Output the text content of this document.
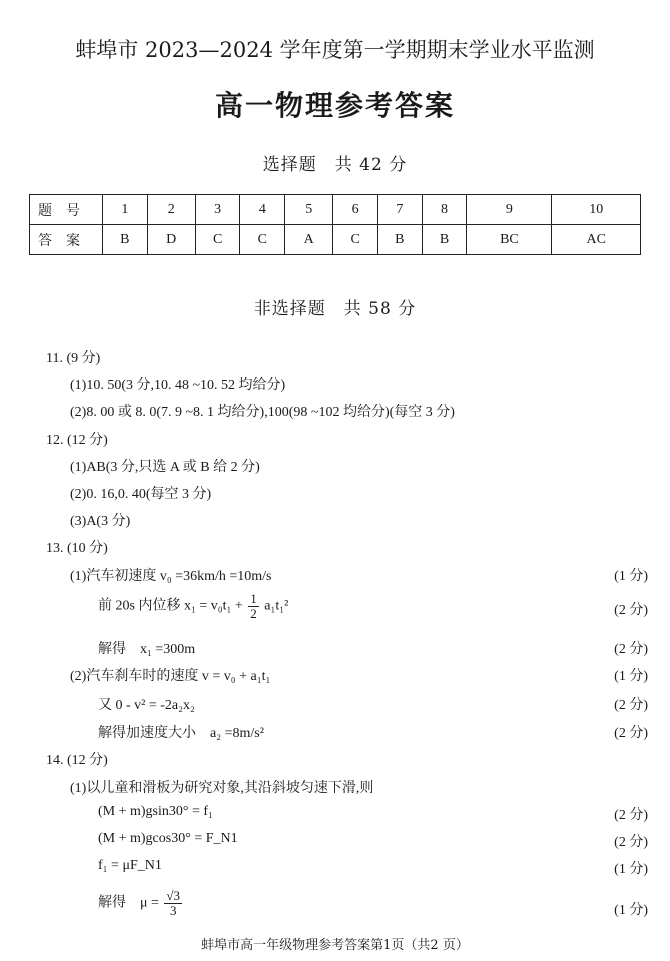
蚌埠市 2023—2024 学年度第一学期期末学业水平监测
高一物理参考答案
选择题　共 42 分
题号	1	2	3	4	5	6	7	8	9	10
答案	B	D	C	C	A	C	B	B	BC	AC
非选择题　共 58 分
11. (9 分)
(1)10. 50(3 分,10. 48 ~10. 52 均给分)
(2)8. 00 或 8. 0(7. 9 ~8. 1 均给分),100(98 ~102 均给分)(每空 3 分)
12. (12 分)
(1)AB(3 分,只选 A 或 B 给 2 分)
(2)0. 16,0. 40(每空 3 分)
(3)A(3 分)
13. (10 分)
(1)汽车初速度 v₀ =36km/h =10m/s	(1 分)
前 20s 内位移 $x_1 = v_0t_1 + \frac{1}{2} a_1t_1^2$	(2 分)
解得　x₁ =300m	(2 分)
(2)汽车刹车时的速度 v = v₀ + a₁t₁	(1 分)
又 0 - v² = -2a₂x₂	(2 分)
解得加速度大小　a₂ =8m/s²	(2 分)
14. (12 分)
(1)以儿童和滑板为研究对象,其沿斜坡匀速下滑,则
(M + m)gsin30° = f₁	(2 分)
(M + m)gcos30° = F_N1	(2 分)
f₁ = μF_N1	(1 分)
解得　$\mu = \frac{√3}{3}$	(1 分)
蚌埠市高一年级物理参考答案第1页（共2 页）
